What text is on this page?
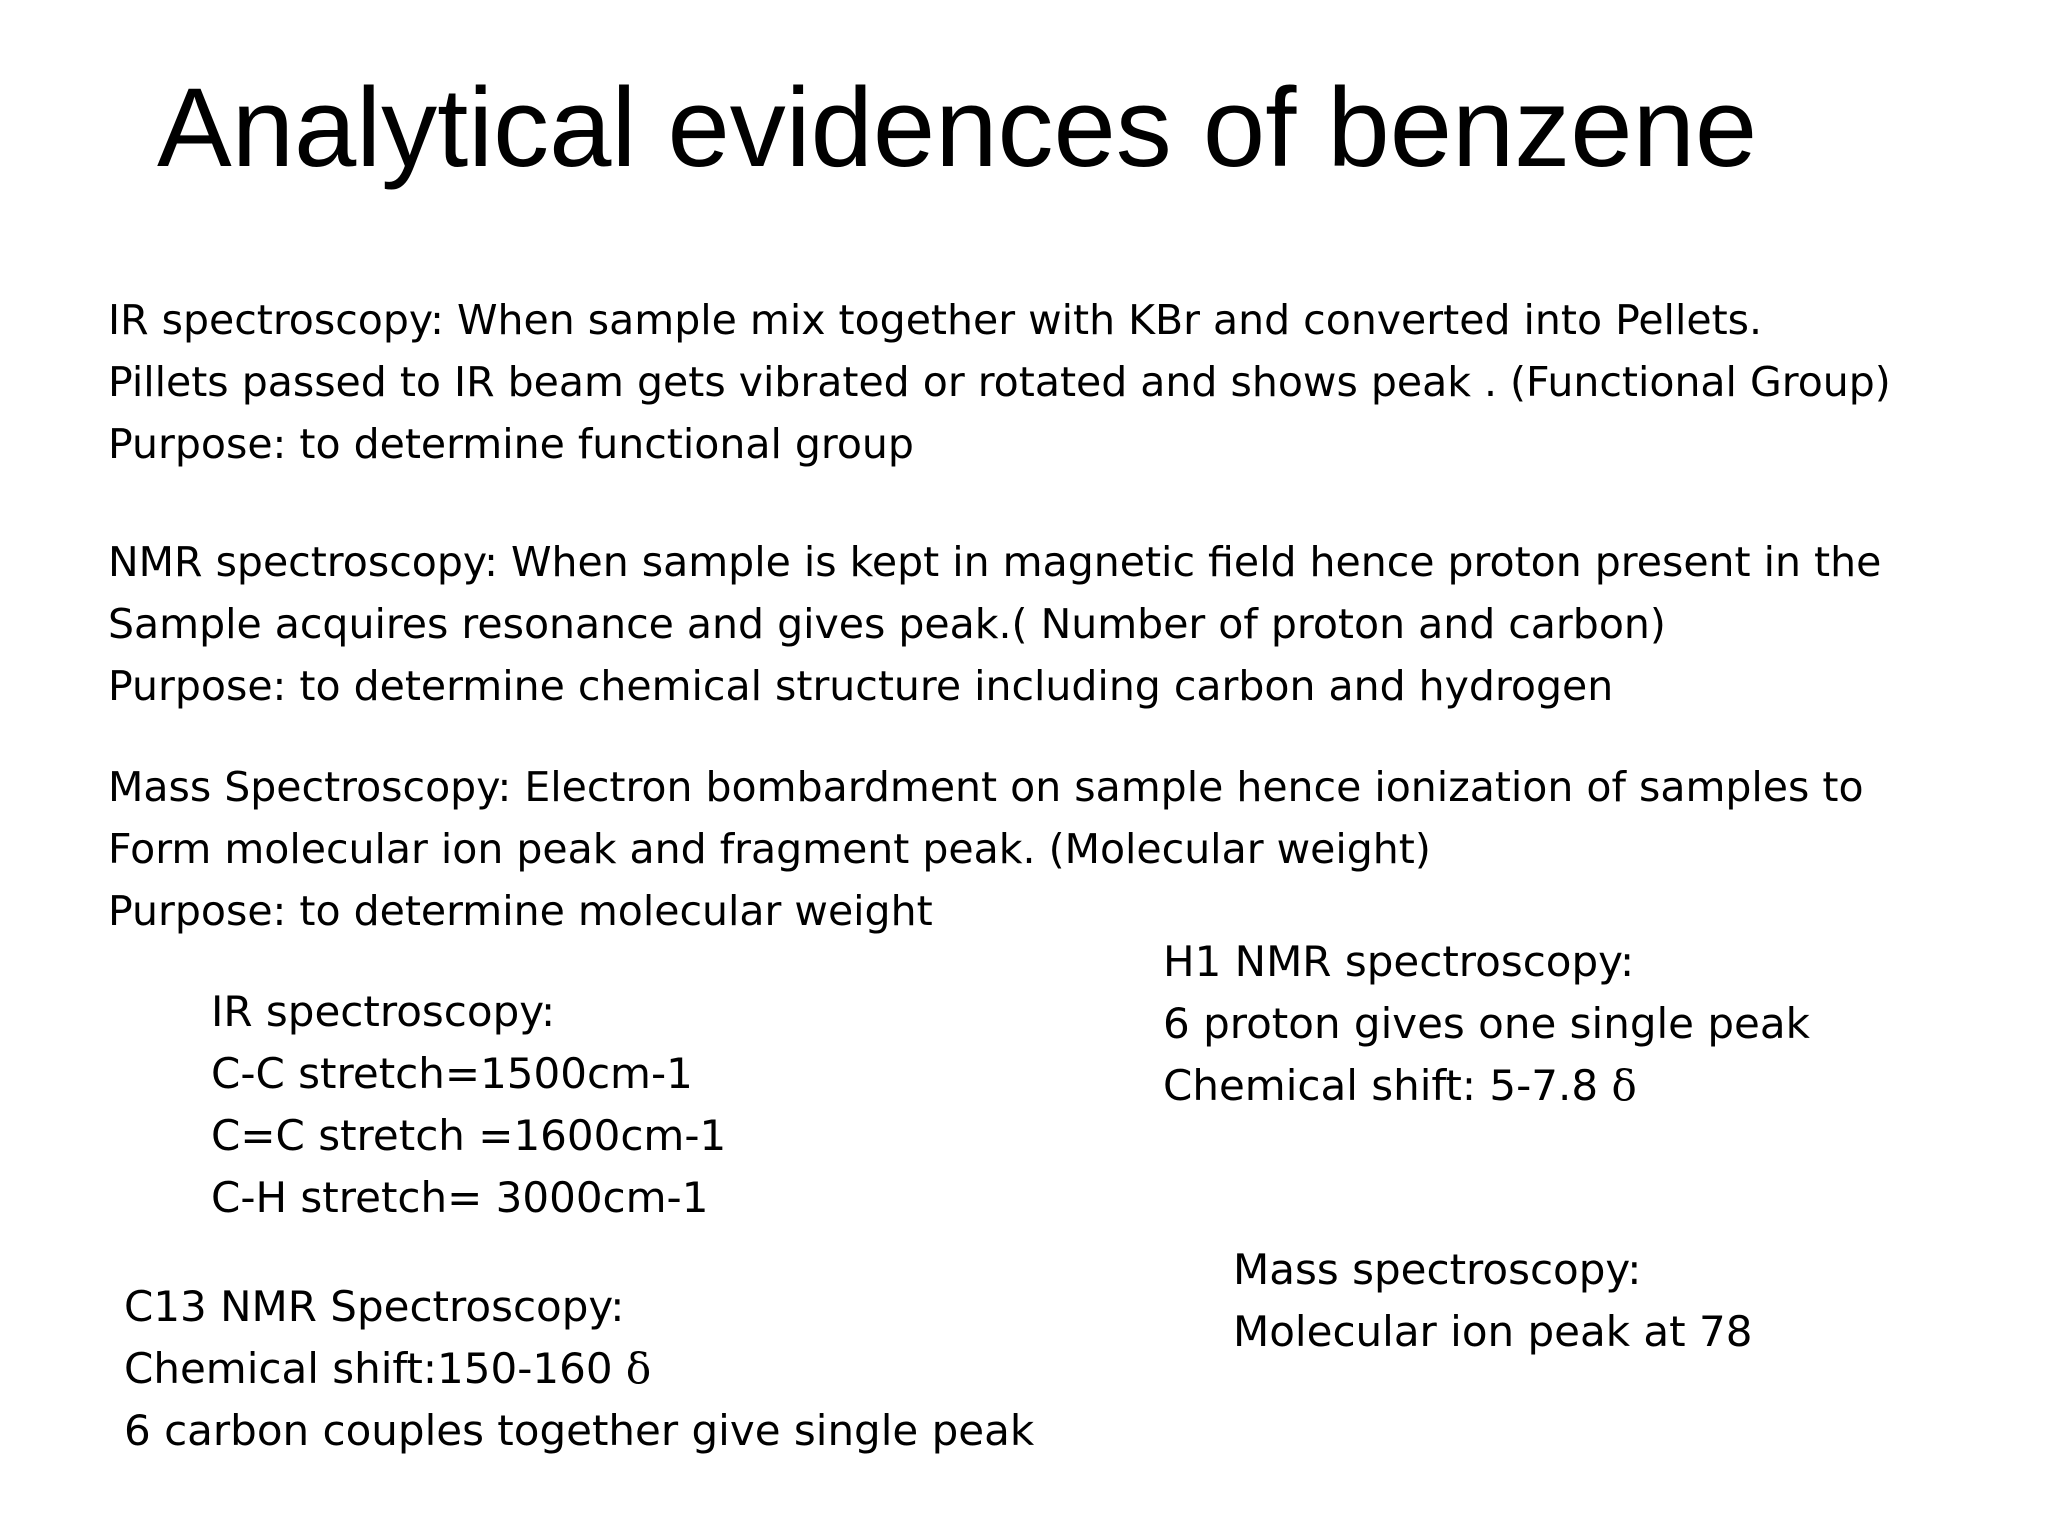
Analytical evidences of benzene
IR spectroscopy: When sample mix together with KBr and converted into Pellets.
Pillets passed to IR beam gets vibrated or rotated and shows peak . (Functional Group)
Purpose: to determine functional group
NMR spectroscopy: When sample is kept in magnetic field hence proton present in the
Sample acquires resonance and gives peak.( Number of proton and carbon)
Purpose: to determine chemical structure including carbon and hydrogen
Mass Spectroscopy: Electron bombardment on sample hence ionization of samples to
Form molecular ion peak and fragment peak. (Molecular weight)
Purpose: to determine molecular weight
IR spectroscopy:
C-C stretch=1500cm-1
C=C stretch =1600cm-1
C-H stretch= 3000cm-1
H1 NMR spectroscopy:
6 proton gives one single peak
Chemical shift: 5-7.8 δ
C13 NMR Spectroscopy:
Chemical shift:150-160 δ
6 carbon couples together give single peak
Mass spectroscopy:
Molecular ion peak at 78
